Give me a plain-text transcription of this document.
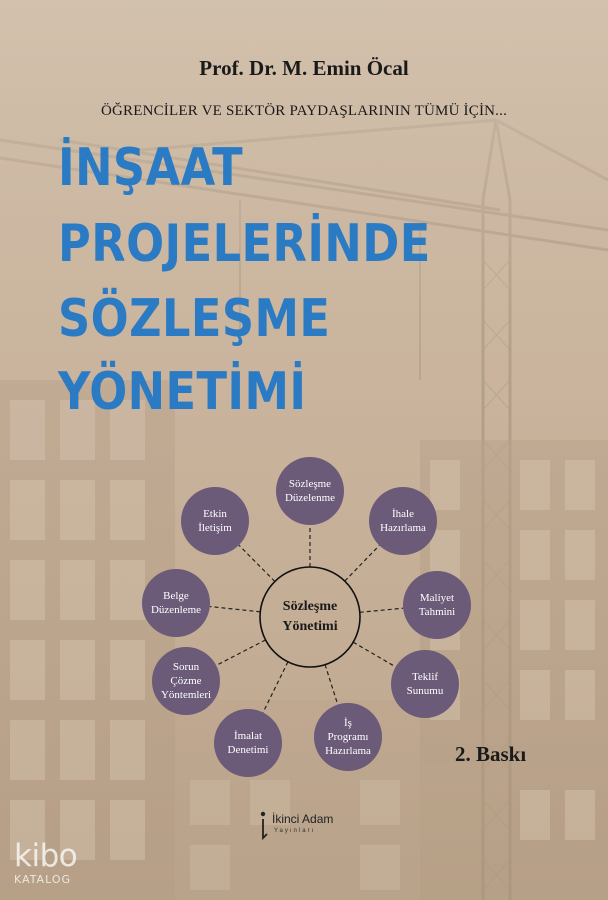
Prof. Dr. M. Emin Öcal
ÖĞRENCİLER VE SEKTÖR PAYDAŞLARININ TÜMÜ İÇİN...
İNŞAAT
PROJELERİNDE
SÖZLEŞME
YÖNETİMİ
Sözleşme
Düzelenme
İhale
Hazırlama
Maliyet
Tahmini
Teklif
Sunumu
İş
Programı
Hazırlama
İmalat
Denetimi
Sorun
Çözme
Yöntemleri
Belge
Düzenleme
Etkin
İletişim
Sözleşme
Yönetimi
2. Baskı
İkinci Adam
Yayınları
kibo
KATALOG
